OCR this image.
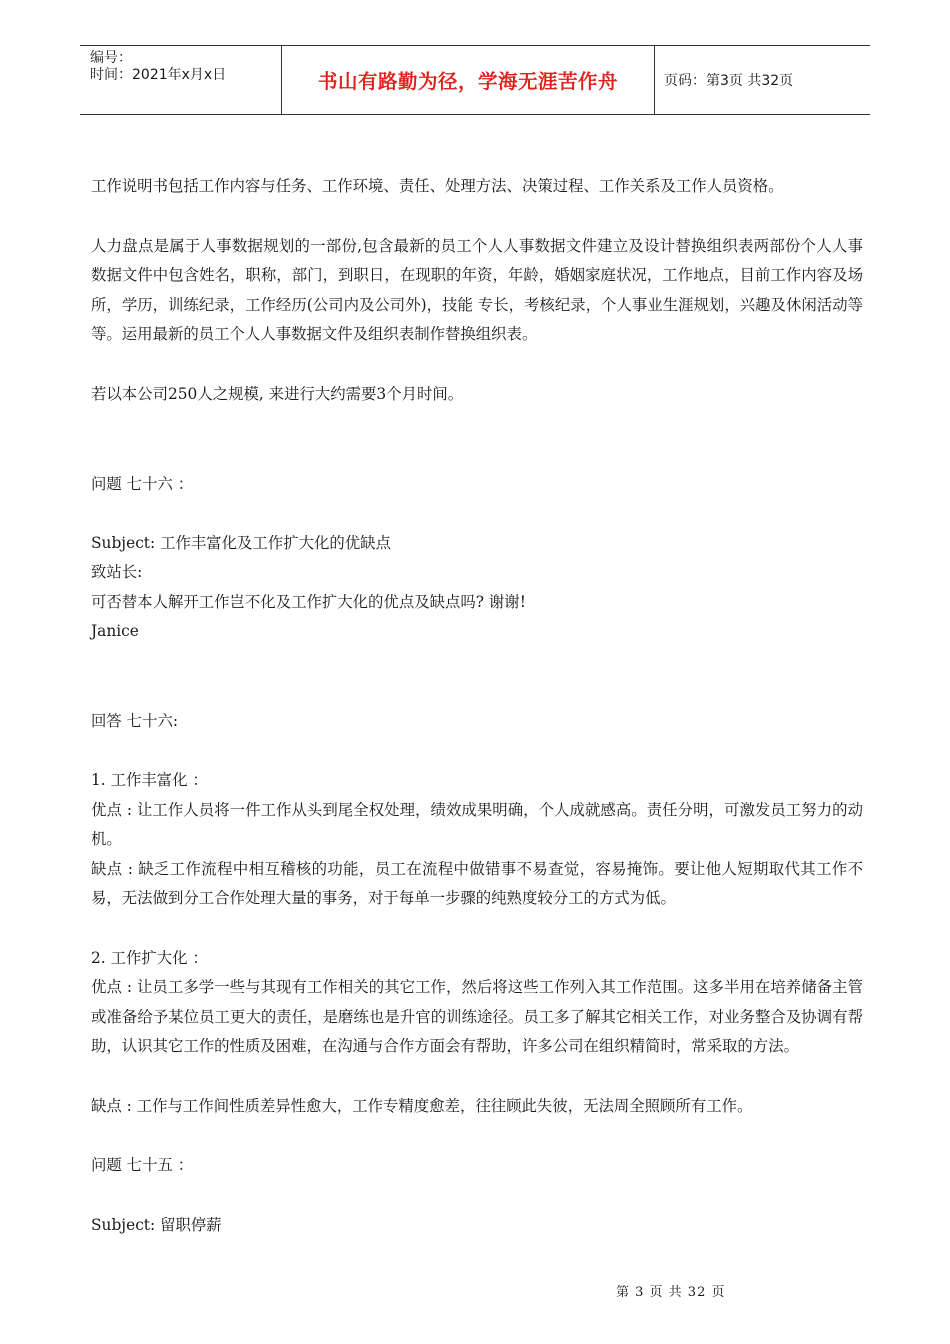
编号：
时间：2021年x月x日	书山有路勤为径，学海无涯苦作舟	页码：第3页 共32页

工作说明书包括工作内容与任务、工作环境、责任、处理方法、决策过程、工作关系及工作人员资格。

人力盘点是属于人事数据规划的一部份,包含最新的员工个人人事数据文件建立及设计替换组织表两部份个人人事数据文件中包含姓名，职称，部门，到职日，在现职的年资，年龄，婚姻家庭状况，工作地点，目前工作内容及场所，学历，训练纪录，工作经历(公司内及公司外)，技能 专长，考核纪录，个人事业生涯规划，兴趣及休闲活动等等。运用最新的员工个人人事数据文件及组织表制作替换组织表。

若以本公司250人之规模, 来进行大约需要3个月时间。

问题 七十六 ：

Subject: 工作丰富化及工作扩大化的优缺点

致站长:

可否替本人解开工作岂不化及工作扩大化的优点及缺点吗? 谢谢!

Janice

回答 七十六:

1. 工作丰富化 ：

优点 : 让工作人员将一件工作从头到尾全权处理，绩效成果明确，个人成就感高。责任分明，可激发员工努力的动机。

缺点 : 缺乏工作流程中相互稽核的功能，员工在流程中做错事不易查觉，容易掩饰。要让他人短期取代其工作不易，无法做到分工合作处理大量的事务，对于每单一步骤的纯熟度较分工的方式为低。

2. 工作扩大化 ：

优点 : 让员工多学一些与其现有工作相关的其它工作，然后将这些工作列入其工作范围。这多半用在培养储备主管或准备给予某位员工更大的责任，是磨练也是升官的训练途径。员工多了解其它相关工作，对业务整合及协调有帮助，认识其它工作的性质及困难，在沟通与合作方面会有帮助，许多公司在组织精简时，常采取的方法。

缺点 : 工作与工作间性质差异性愈大，工作专精度愈差，往往顾此失彼，无法周全照顾所有工作。

问题 七十五 ：

Subject: 留职停薪

第 3 页 共 32 页
